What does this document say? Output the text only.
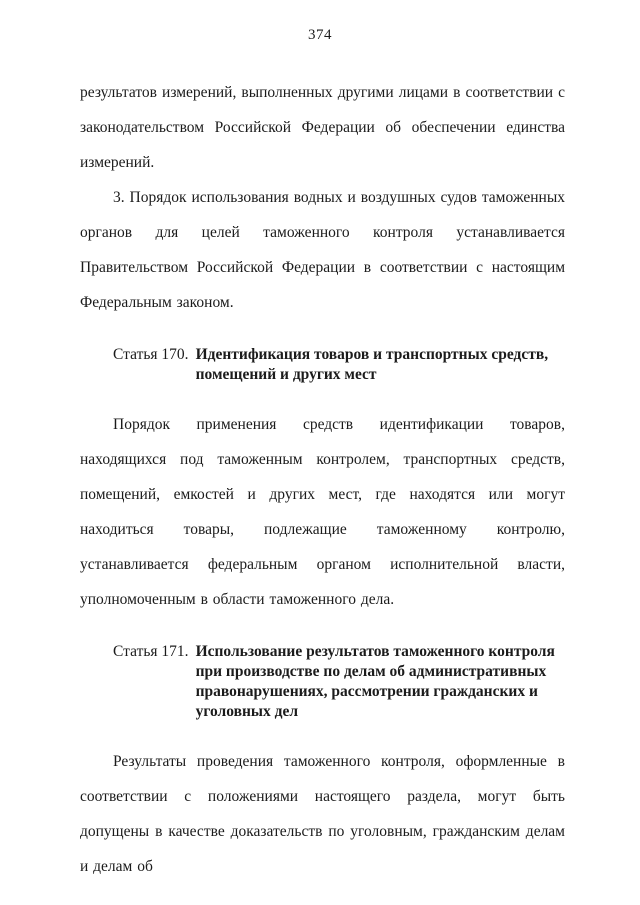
374

результатов измерений, выполненных другими лицами в соответствии с законодательством Российской Федерации об обеспечении единства измерений.

3. Порядок использования водных и воздушных судов таможенных органов для целей таможенного контроля устанавливается Правительством Российской Федерации в соответствии с настоящим Федеральным законом.

Статья 170. Идентификация товаров и транспортных средств, помещений и других мест

Порядок применения средств идентификации товаров, находящихся под таможенным контролем, транспортных средств, помещений, емкостей и других мест, где находятся или могут находиться товары, подлежащие таможенному контролю, устанавливается федеральным органом исполнительной власти, уполномоченным в области таможенного дела.

Статья 171. Использование результатов таможенного контроля при производстве по делам об административных правонарушениях, рассмотрении гражданских и уголовных дел

Результаты проведения таможенного контроля, оформленные в соответствии с положениями настоящего раздела, могут быть допущены в качестве доказательств по уголовным, гражданским делам и делам об
